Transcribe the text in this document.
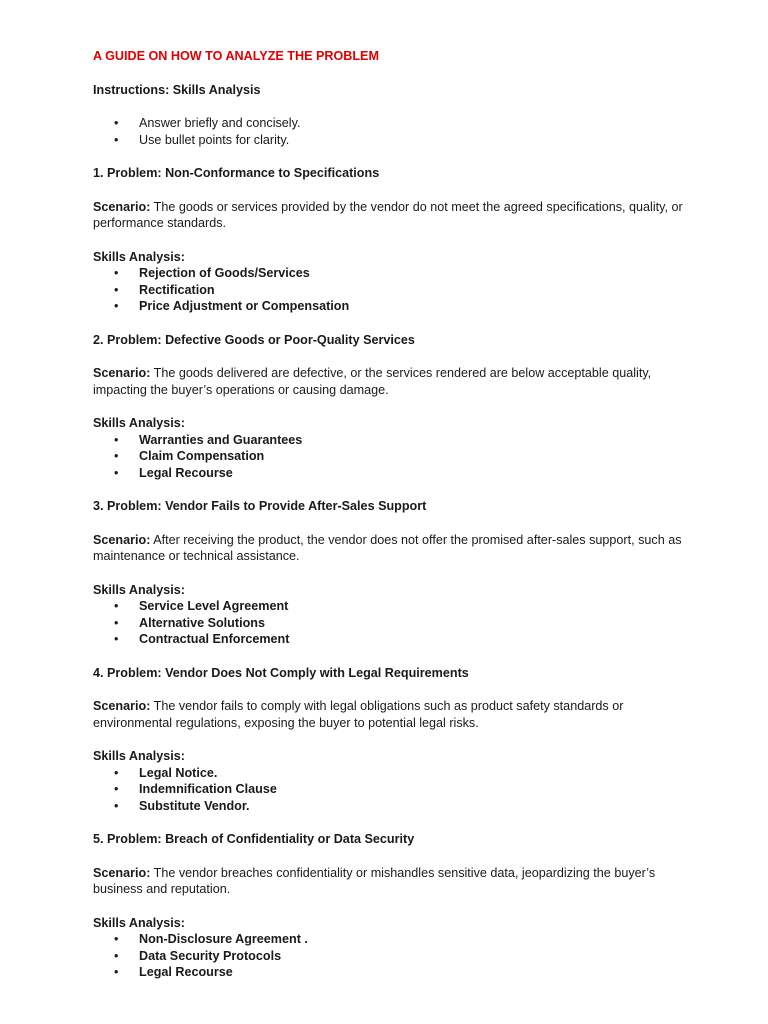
A GUIDE ON HOW TO ANALYZE THE PROBLEM
Instructions: Skills Analysis
• Answer briefly and concisely.
• Use bullet points for clarity.
1. Problem: Non-Conformance to Specifications
Scenario: The goods or services provided by the vendor do not meet the agreed specifications, quality, or performance standards.
Skills Analysis:
• Rejection of Goods/Services
• Rectification
• Price Adjustment or Compensation
2. Problem: Defective Goods or Poor-Quality Services
Scenario: The goods delivered are defective, or the services rendered are below acceptable quality, impacting the buyer’s operations or causing damage.
Skills Analysis:
• Warranties and Guarantees
• Claim Compensation
• Legal Recourse
3. Problem: Vendor Fails to Provide After-Sales Support
Scenario: After receiving the product, the vendor does not offer the promised after-sales support, such as maintenance or technical assistance.
Skills Analysis:
• Service Level Agreement
• Alternative Solutions
• Contractual Enforcement
4. Problem: Vendor Does Not Comply with Legal Requirements
Scenario: The vendor fails to comply with legal obligations such as product safety standards or environmental regulations, exposing the buyer to potential legal risks.
Skills Analysis:
• Legal Notice.
• Indemnification Clause
• Substitute Vendor.
5. Problem: Breach of Confidentiality or Data Security
Scenario: The vendor breaches confidentiality or mishandles sensitive data, jeopardizing the buyer’s business and reputation.
Skills Analysis:
• Non-Disclosure Agreement .
• Data Security Protocols
• Legal Recourse
